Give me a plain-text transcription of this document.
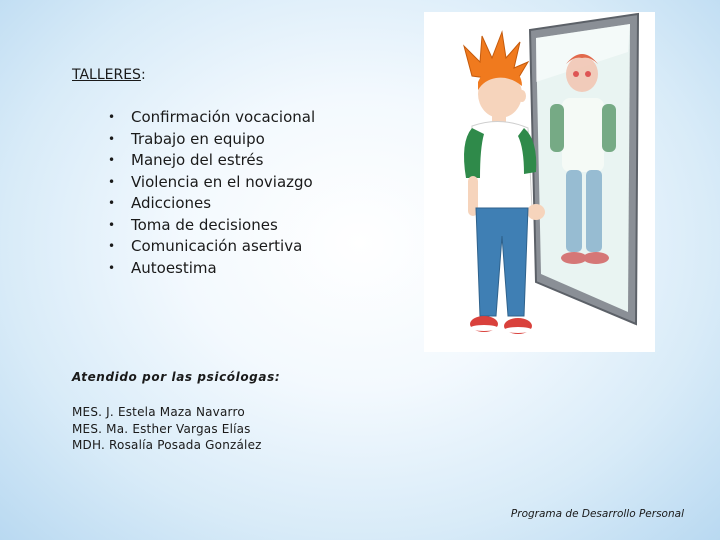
TALLERES:

• Confirmación vocacional
• Trabajo en equipo
• Manejo del estrés
• Violencia en el noviazgo
• Adicciones
• Toma de decisiones
• Comunicación asertiva
• Autoestima

Atendido por las psicólogas:

MES. J. Estela Maza Navarro
MES. Ma. Esther Vargas Elías
MDH. Rosalía Posada González

Programa de Desarrollo Personal
